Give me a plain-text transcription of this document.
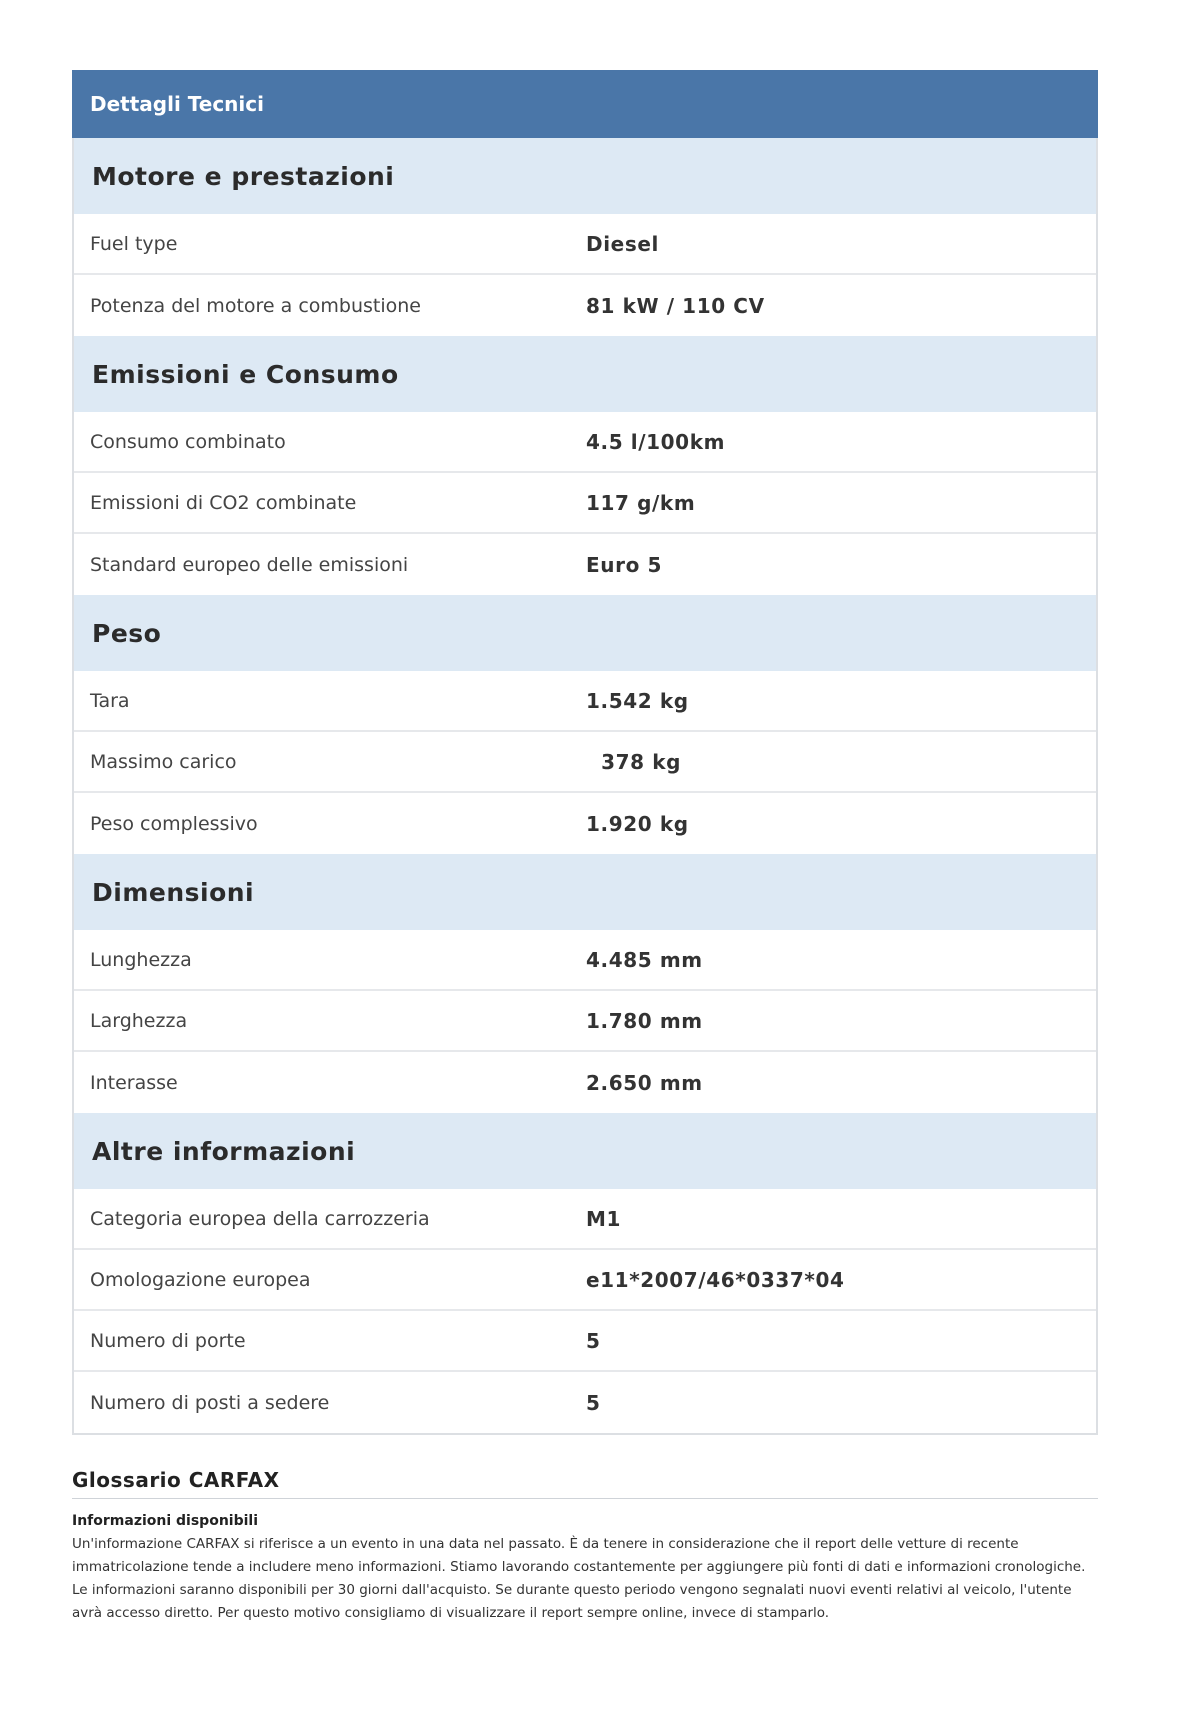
Dettagli Tecnici
Motore e prestazioni
Fuel type	Diesel
Potenza del motore a combustione	81 kW / 110 CV
Emissioni e Consumo
Consumo combinato	4.5 l/100km
Emissioni di CO2 combinate	117 g/km
Standard europeo delle emissioni	Euro 5
Peso
Tara	1.542 kg
Massimo carico	378 kg
Peso complessivo	1.920 kg
Dimensioni
Lunghezza	4.485 mm
Larghezza	1.780 mm
Interasse	2.650 mm
Altre informazioni
Categoria europea della carrozzeria	M1
Omologazione europea	e11*2007/46*0337*04
Numero di porte	5
Numero di posti a sedere	5
Glossario CARFAX
Informazioni disponibili
Un'informazione CARFAX si riferisce a un evento in una data nel passato. È da tenere in considerazione che il report delle vetture di recente immatricolazione tende a includere meno informazioni. Stiamo lavorando costantemente per aggiungere più fonti di dati e informazioni cronologiche. Le informazioni saranno disponibili per 30 giorni dall'acquisto. Se durante questo periodo vengono segnalati nuovi eventi relativi al veicolo, l'utente avrà accesso diretto. Per questo motivo consigliamo di visualizzare il report sempre online, invece di stamparlo.
